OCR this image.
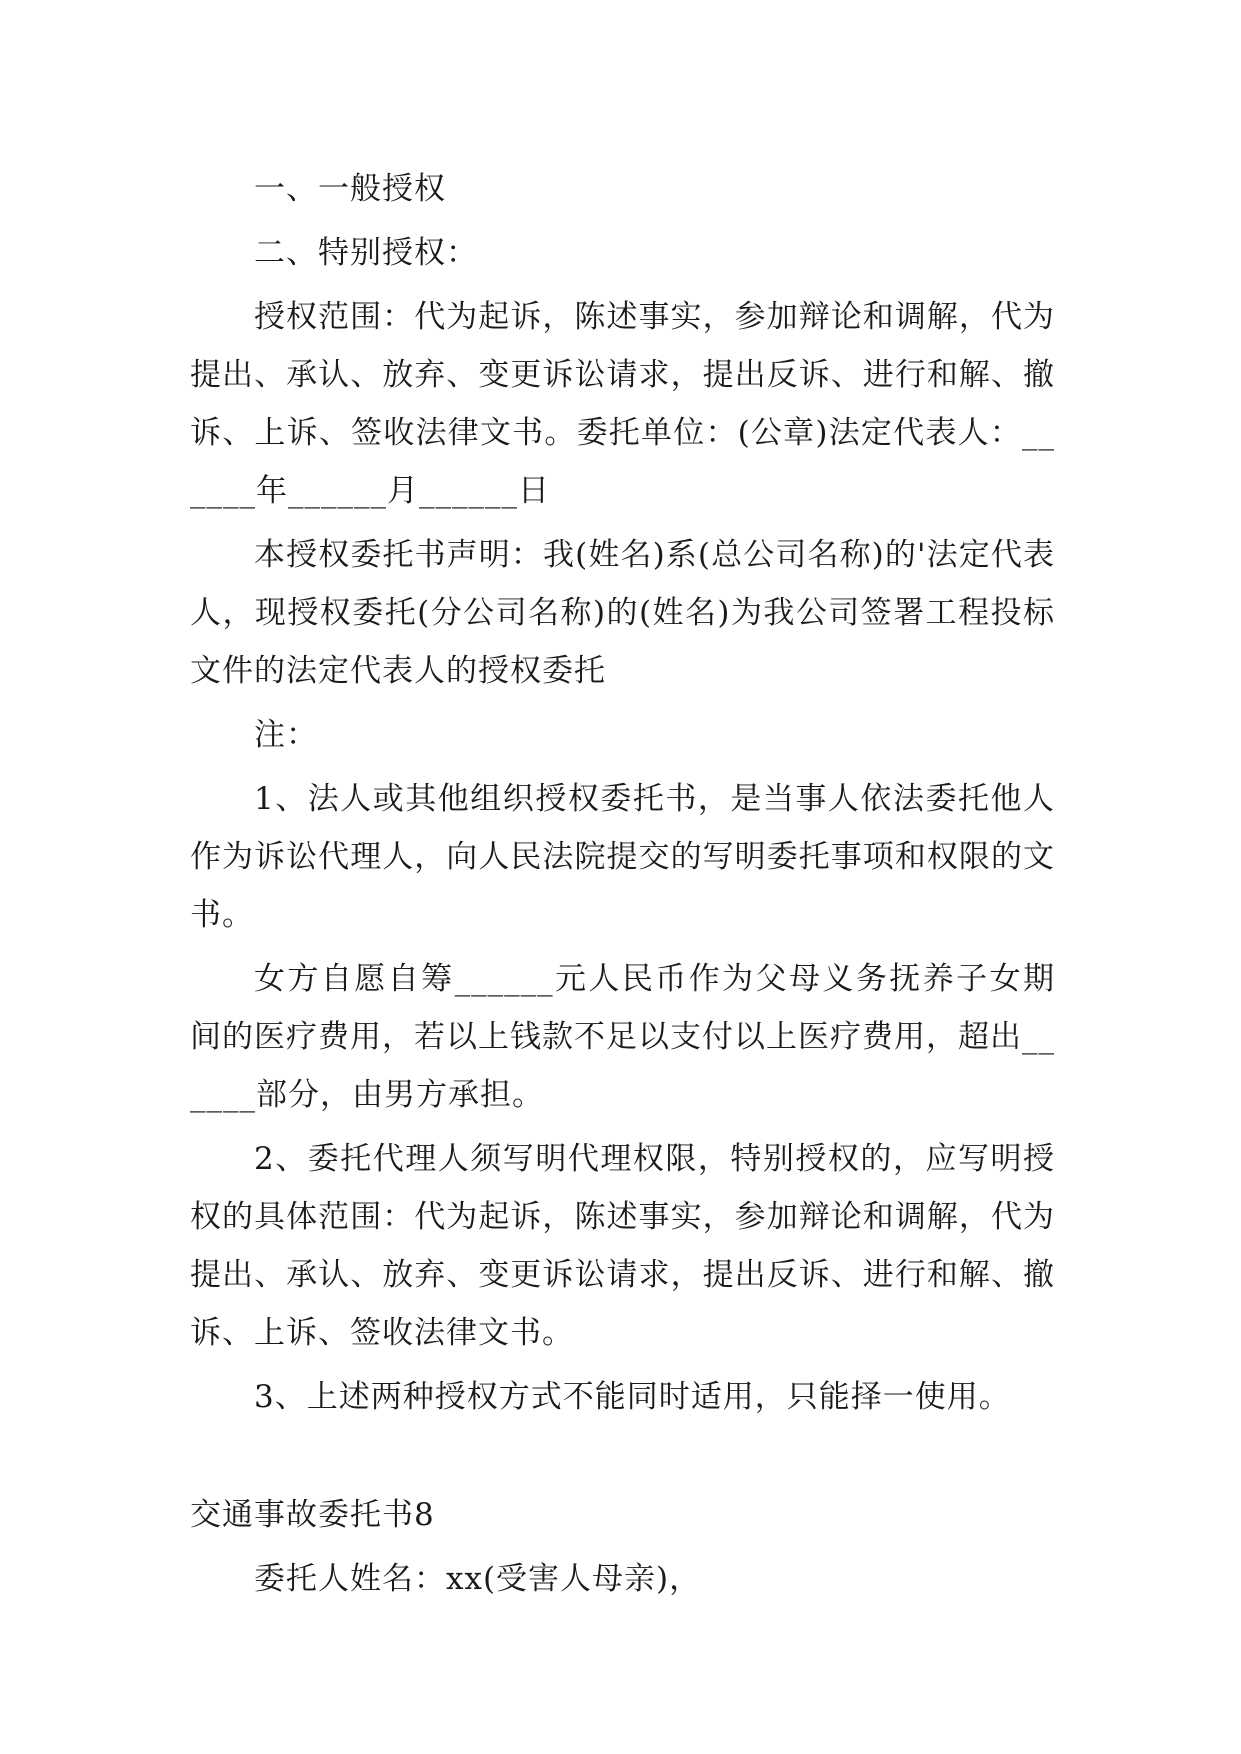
一、一般授权

二、特别授权：

授权范围：代为起诉，陈述事实，参加辩论和调解，代为提出、承认、放弃、变更诉讼请求，提出反诉、进行和解、撤诉、上诉、签收法律文书。委托单位：(公章)法定代表人：______年______月______日

本授权委托书声明：我(姓名)系(总公司名称)的'法定代表人，现授权委托(分公司名称)的(姓名)为我公司签署工程投标文件的法定代表人的授权委托

注：

1、法人或其他组织授权委托书，是当事人依法委托他人作为诉讼代理人，向人民法院提交的写明委托事项和权限的文书。

女方自愿自筹______元人民币作为父母义务抚养子女期间的医疗费用，若以上钱款不足以支付以上医疗费用，超出______部分，由男方承担。

2、委托代理人须写明代理权限，特别授权的，应写明授权的具体范围：代为起诉，陈述事实，参加辩论和调解，代为提出、承认、放弃、变更诉讼请求，提出反诉、进行和解、撤诉、上诉、签收法律文书。

3、上述两种授权方式不能同时适用，只能择一使用。

交通事故委托书8

委托人姓名：xx(受害人母亲)，
